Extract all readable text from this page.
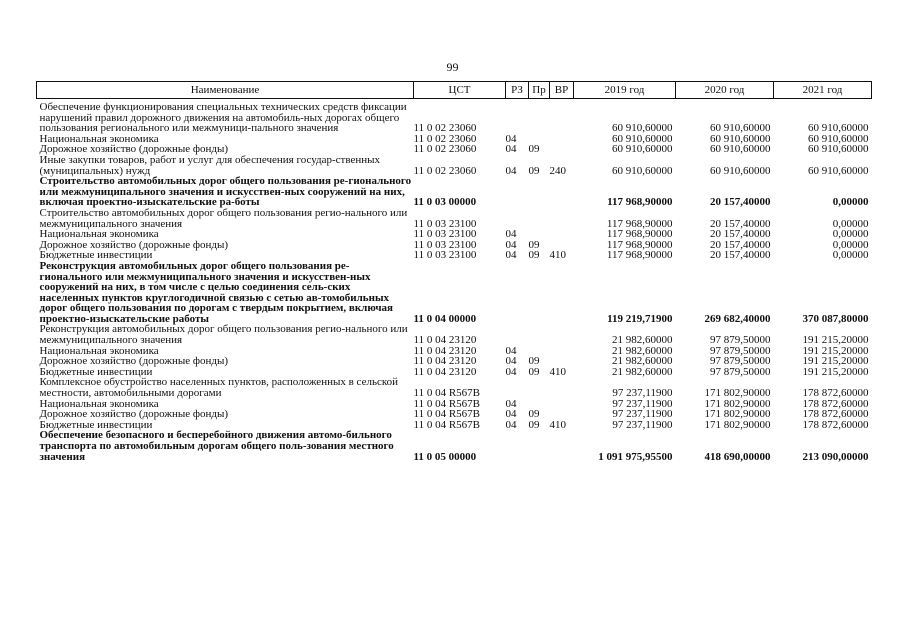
99
Наименование	ЦСТ	РЗ	Пр	ВР	2019 год	2020 год	2021 год
Обеспечение функционирования специальных технических средств фиксации нарушений правил дорожного движения на автомобиль-ных дорогах общего пользования регионального или межмуници-пального значения	11 0 02 23060				60 910,60000	60 910,60000	60 910,60000
Национальная экономика	11 0 02 23060	04			60 910,60000	60 910,60000	60 910,60000
Дорожное хозяйство (дорожные фонды)	11 0 02 23060	04	09		60 910,60000	60 910,60000	60 910,60000
Иные закупки товаров, работ и услуг для обеспечения государ-ственных (муниципальных) нужд	11 0 02 23060	04	09	240	60 910,60000	60 910,60000	60 910,60000
Строительство автомобильных дорог общего пользования ре-гионального или межмуниципального значения и искусствен-ных сооружений на них, включая проектно-изыскательские ра-боты	11 0 03 00000				117 968,90000	20 157,40000	0,00000
Строительство автомобильных дорог общего пользования регио-нального или межмуниципального значения	11 0 03 23100				117 968,90000	20 157,40000	0,00000
Национальная экономика	11 0 03 23100	04			117 968,90000	20 157,40000	0,00000
Дорожное хозяйство (дорожные фонды)	11 0 03 23100	04	09		117 968,90000	20 157,40000	0,00000
Бюджетные инвестиции	11 0 03 23100	04	09	410	117 968,90000	20 157,40000	0,00000
Реконструкция автомобильных дорог общего пользования ре-гионального или межмуниципального значения и искусствен-ных сооружений на них, в том числе с целью соединения сель-ских населенных пунктов круглогодичной связью с сетью ав-томобильных дорог общего пользования по дорогам с твердым покрытием, включая проектно-изыскательские работы	11 0 04 00000				119 219,71900	269 682,40000	370 087,80000
Реконструкция автомобильных дорог общего пользования регио-нального или межмуниципального значения	11 0 04 23120				21 982,60000	97 879,50000	191 215,20000
Национальная экономика	11 0 04 23120	04			21 982,60000	97 879,50000	191 215,20000
Дорожное хозяйство (дорожные фонды)	11 0 04 23120	04	09		21 982,60000	97 879,50000	191 215,20000
Бюджетные инвестиции	11 0 04 23120	04	09	410	21 982,60000	97 879,50000	191 215,20000
Комплексное обустройство населенных пунктов, расположенных в сельской местности, автомобильными дорогами	11 0 04 R567B				97 237,11900	171 802,90000	178 872,60000
Национальная экономика	11 0 04 R567B	04			97 237,11900	171 802,90000	178 872,60000
Дорожное хозяйство (дорожные фонды)	11 0 04 R567B	04	09		97 237,11900	171 802,90000	178 872,60000
Бюджетные инвестиции	11 0 04 R567B	04	09	410	97 237,11900	171 802,90000	178 872,60000
Обеспечение безопасного и бесперебойного движения автомо-бильного транспорта по автомобильным дорогам общего поль-зования местного значения	11 0 05 00000				1 091 975,95500	418 690,00000	213 090,00000
